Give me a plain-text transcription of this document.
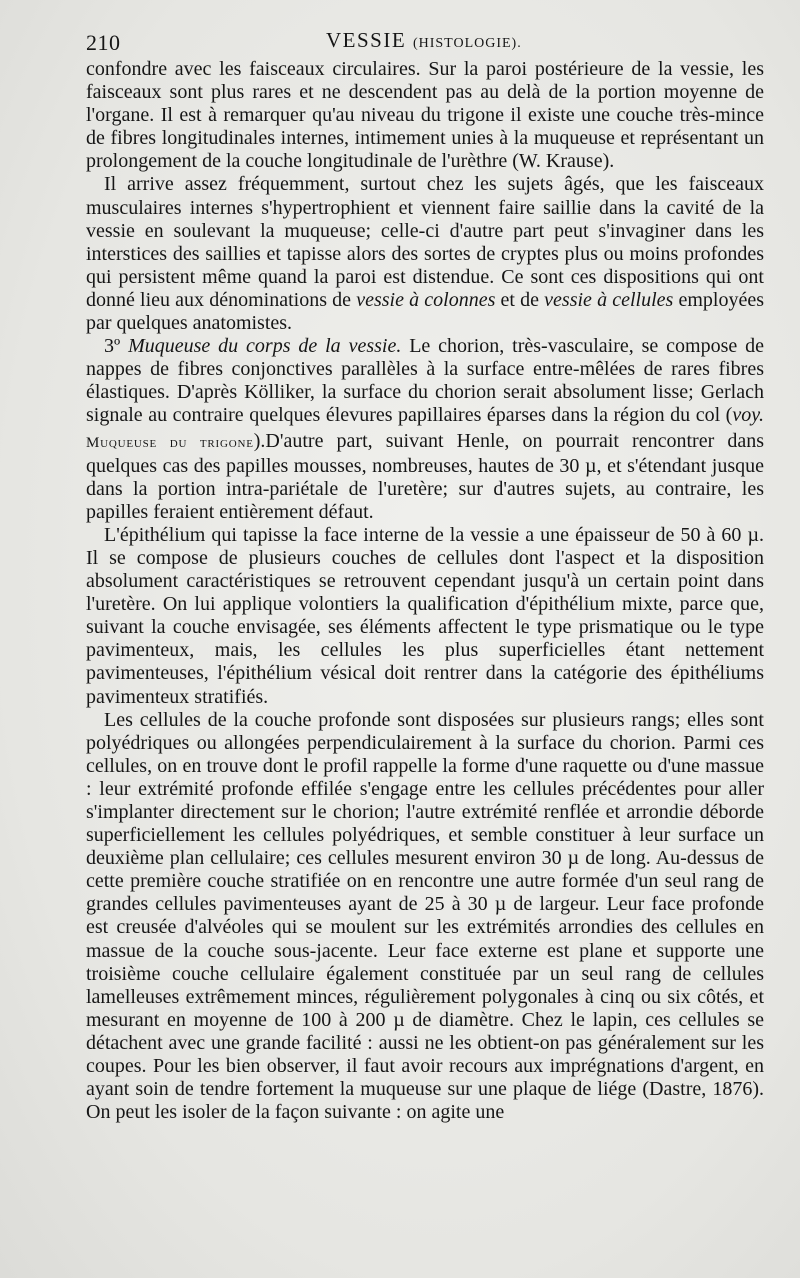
210	VESSIE (HISTOLOGIE).

confondre avec les faisceaux circulaires. Sur la paroi postérieure de la vessie, les faisceaux sont plus rares et ne descendent pas au delà de la portion moyenne de l'organe. Il est à remarquer qu'au niveau du trigone il existe une couche très-mince de fibres longitudinales internes, intimement unies à la muqueuse et représentant un prolongement de la couche longitudinale de l'urèthre (W. Krause).

Il arrive assez fréquemment, surtout chez les sujets âgés, que les faisceaux musculaires internes s'hypertrophient et viennent faire saillie dans la cavité de la vessie en soulevant la muqueuse; celle-ci d'autre part peut s'invaginer dans les interstices des saillies et tapisse alors des sortes de cryptes plus ou moins profondes qui persistent même quand la paroi est distendue. Ce sont ces dispositions qui ont donné lieu aux dénominations de vessie à colonnes et de vessie à cellules employées par quelques anatomistes.

3º Muqueuse du corps de la vessie. Le chorion, très-vasculaire, se compose de nappes de fibres conjonctives parallèles à la surface entre-mêlées de rares fibres élastiques. D'après Kölliker, la surface du chorion serait absolument lisse; Gerlach signale au contraire quelques élevures papillaires éparses dans la région du col (voy. Muqueuse du trigone).D'autre part, suivant Henle, on pourrait rencontrer dans quelques cas des papilles mousses, nombreuses, hautes de 30 µ, et s'étendant jusque dans la portion intra-pariétale de l'uretère; sur d'autres sujets, au contraire, les papilles feraient entièrement défaut.

L'épithélium qui tapisse la face interne de la vessie a une épaisseur de 50 à 60 µ. Il se compose de plusieurs couches de cellules dont l'aspect et la disposition absolument caractéristiques se retrouvent cependant jusqu'à un certain point dans l'uretère. On lui applique volontiers la qualification d'épithélium mixte, parce que, suivant la couche envisagée, ses éléments affectent le type prismatique ou le type pavimenteux, mais, les cellules les plus superficielles étant nettement pavimenteuses, l'épithélium vésical doit rentrer dans la catégorie des épithéliums pavimenteux stratifiés.

Les cellules de la couche profonde sont disposées sur plusieurs rangs; elles sont polyédriques ou allongées perpendiculairement à la surface du chorion. Parmi ces cellules, on en trouve dont le profil rappelle la forme d'une raquette ou d'une massue : leur extrémité profonde effilée s'engage entre les cellules précédentes pour aller s'implanter directement sur le chorion; l'autre extrémité renflée et arrondie déborde superficiellement les cellules polyédriques, et semble constituer à leur surface un deuxième plan cellulaire; ces cellules mesurent environ 30 µ de long. Au-dessus de cette première couche stratifiée on en rencontre une autre formée d'un seul rang de grandes cellules pavimenteuses ayant de 25 à 30 µ de largeur. Leur face profonde est creusée d'alvéoles qui se moulent sur les extrémités arrondies des cellules en massue de la couche sous-jacente. Leur face externe est plane et supporte une troisième couche cellulaire également constituée par un seul rang de cellules lamelleuses extrêmement minces, régulièrement polygonales à cinq ou six côtés, et mesurant en moyenne de 100 à 200 µ de diamètre. Chez le lapin, ces cellules se détachent avec une grande facilité : aussi ne les obtient-on pas généralement sur les coupes. Pour les bien observer, il faut avoir recours aux imprégnations d'argent, en ayant soin de tendre fortement la muqueuse sur une plaque de liége (Dastre, 1876). On peut les isoler de la façon suivante : on agite une
